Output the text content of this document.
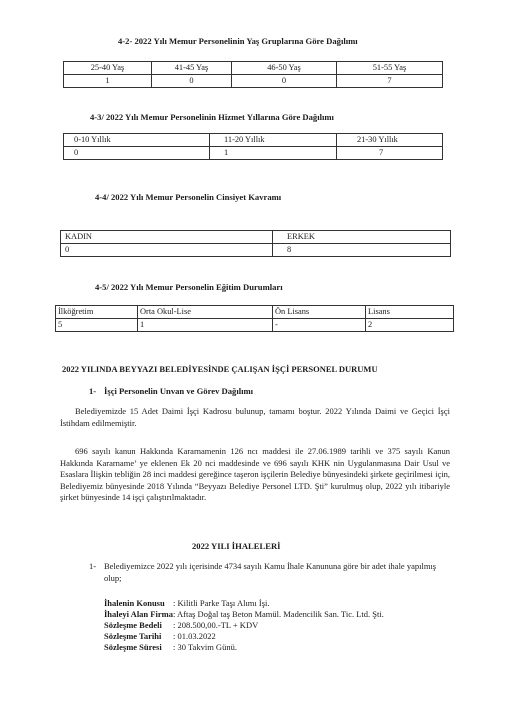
4-2- 2022 Yılı Memur Personelinin Yaş Gruplarına Göre Dağılımı
25-40 Yaş	41-45 Yaş	46-50 Yaş	51-55 Yaş
1	0	0	7
4-3/ 2022 Yılı Memur Personelinin Hizmet Yıllarına Göre Dağılımı
0-10 Yıllık	11-20 Yıllık	21-30 Yıllık
0	1	7
4-4/ 2022 Yılı Memur Personelin Cinsiyet Kavramı
KADIN	ERKEK
0	8
4-5/ 2022 Yılı Memur Personelin Eğitim Durumları
İlköğretim	Orta Okul-Lise	Ön Lisans	Lisans
5	1	-	2
2022 YILINDA BEYYAZI BELEDİYESİNDE ÇALIŞAN İŞÇİ PERSONEL DURUMU
1- İşçi Personelin Unvan ve Görev Dağılımı
Belediyemizde 15 Adet Daimi İşçi Kadrosu bulunup, tamamı boştur. 2022 Yılında Daimi ve Geçici İşçi İstihdam edilmemiştir.
696 sayılı kanun Hakkında Kararnamenin 126 ncı maddesi ile 27.06.1989 tarihli ve 375 sayılı Kanun Hakkında Kararname’ ye eklenen Ek 20 nci maddesinde ve 696 sayılı KHK nin Uygulanmasına Dair Usul ve Esaslara İlişkin tebliğin 28 inci maddesi gereğince taşeron işçilerin Belediye bünyesindeki şirkete geçirilmesi için, Belediyemiz bünyesinde 2018 Yılında “Beyyazı Belediye Personel LTD. Şti” kurulmuş olup, 2022 yılı itibariyle şirket bünyesinde 14 işçi çalıştırılmaktadır.
2022 YILI İHALELERİ
1- Belediyemizce 2022 yılı içerisinde 4734 sayılı Kamu İhale Kanununa göre bir adet ihale yapılmış olup;
İhalenin Konusu : Kilitli Parke Taşı Alımı İşi.
İhaleyi Alan Firma: Aftaş Doğal taş Beton Mamül. Madencilik San. Tic. Ltd. Şti.
Sözleşme Bedeli : 208.500,00.-TL + KDV
Sözleşme Tarihi : 01.03.2022
Sözleşme Süresi : 30 Takvim Günü.
